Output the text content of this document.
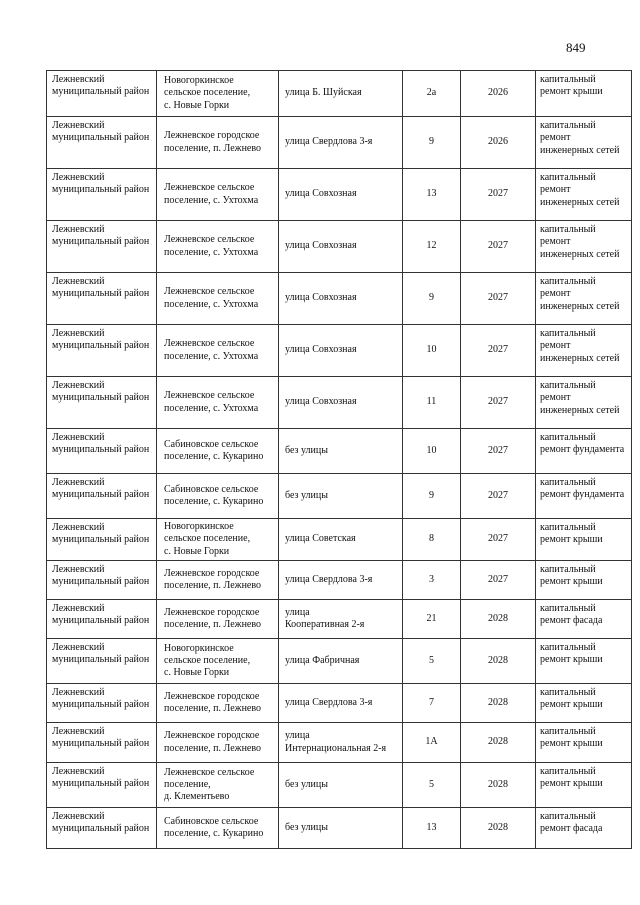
849
Лежневский муниципальный район	Новогоркинское
сельское поселение,
с. Новые Горки	улица Б. Шуйская	2а	2026	капитальный ремонт крыши
Лежневский муниципальный район	Лежневское городское
поселение, п. Лежнево	улица Свердлова 3-я	9	2026	капитальный ремонт инженерных сетей
Лежневский муниципальный район	Лежневское сельское
поселение, с. Ухтохма	улица Совхозная	13	2027	капитальный ремонт инженерных сетей
Лежневский муниципальный район	Лежневское сельское
поселение, с. Ухтохма	улица Совхозная	12	2027	капитальный ремонт инженерных сетей
Лежневский муниципальный район	Лежневское сельское
поселение, с. Ухтохма	улица Совхозная	9	2027	капитальный ремонт инженерных сетей
Лежневский муниципальный район	Лежневское сельское
поселение, с. Ухтохма	улица Совхозная	10	2027	капитальный ремонт инженерных сетей
Лежневский муниципальный район	Лежневское сельское
поселение, с. Ухтохма	улица Совхозная	11	2027	капитальный ремонт инженерных сетей
Лежневский муниципальный район	Сабиновское сельское
поселение, с. Кукарино	без улицы	10	2027	капитальный ремонт фундамента
Лежневский муниципальный район	Сабиновское сельское
поселение, с. Кукарино	без улицы	9	2027	капитальный ремонт фундамента
Лежневский муниципальный район	Новогоркинское
сельское поселение,
с. Новые Горки	улица Советская	8	2027	капитальный ремонт крыши
Лежневский муниципальный район	Лежневское городское
поселение, п. Лежнево	улица Свердлова 3-я	3	2027	капитальный ремонт крыши
Лежневский муниципальный район	Лежневское городское
поселение, п. Лежнево	улица
Кооперативная 2-я	21	2028	капитальный ремонт фасада
Лежневский муниципальный район	Новогоркинское
сельское поселение,
с. Новые Горки	улица Фабричная	5	2028	капитальный ремонт крыши
Лежневский муниципальный район	Лежневское городское
поселение, п. Лежнево	улица Свердлова 3-я	7	2028	капитальный ремонт крыши
Лежневский муниципальный район	Лежневское городское
поселение, п. Лежнево	улица
Интернациональная 2-я	1А	2028	капитальный ремонт крыши
Лежневский муниципальный район	Лежневское сельское
поселение,
д. Клементьево	без улицы	5	2028	капитальный ремонт крыши
Лежневский муниципальный район	Сабиновское сельское
поселение, с. Кукарино	без улицы	13	2028	капитальный ремонт фасада
